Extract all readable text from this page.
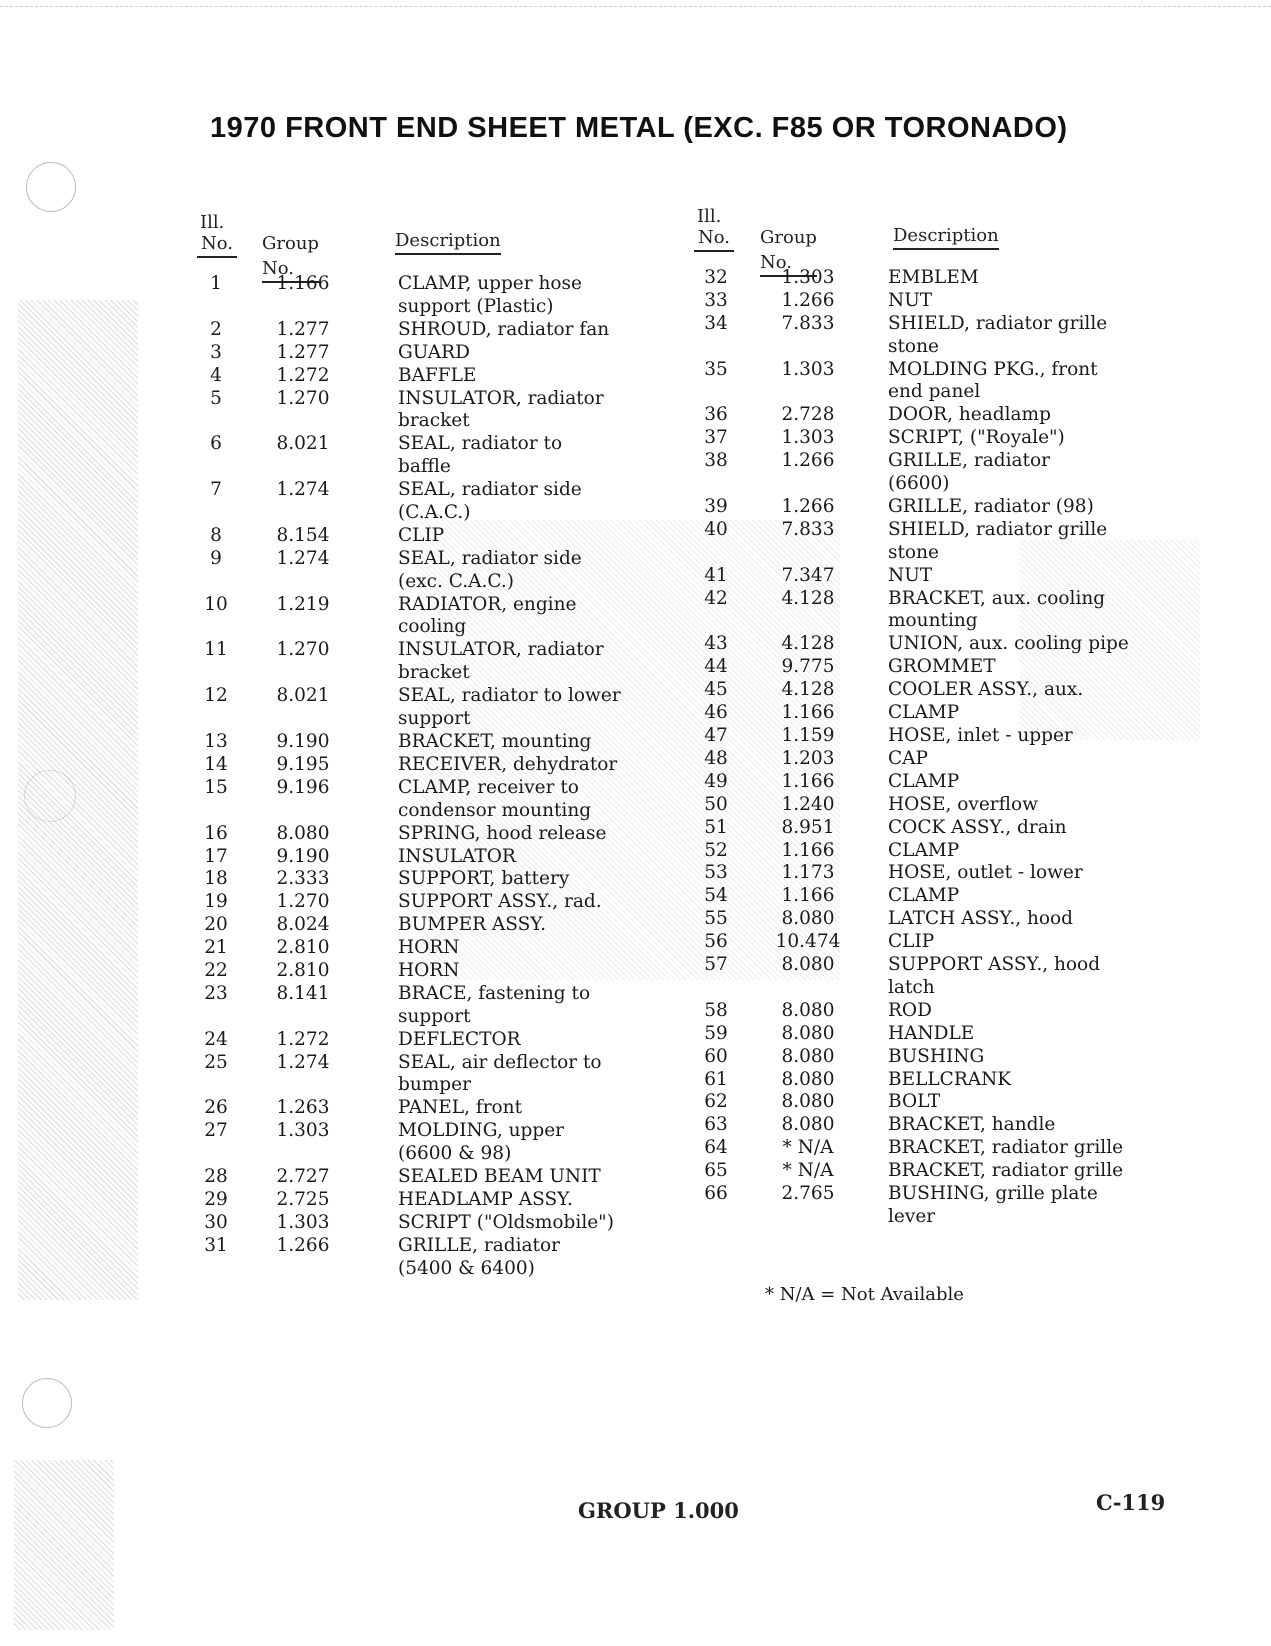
1970 FRONT END SHEET METAL (EXC. F85 OR TORONADO)
Ill.
No. Group No.
Description
1	1.166	CLAMP, upper hose
support (Plastic)
2	1.277	SHROUD, radiator fan
3	1.277	GUARD
4	1.272	BAFFLE
5	1.270	INSULATOR, radiator
bracket
6	8.021	SEAL, radiator to
baffle
7	1.274	SEAL, radiator side
(C.A.C.)
8	8.154	CLIP
9	1.274	SEAL, radiator side
(exc. C.A.C.)
10	1.219	RADIATOR, engine
cooling
11	1.270	INSULATOR, radiator
bracket
12	8.021	SEAL, radiator to lower
support
13	9.190	BRACKET, mounting
14	9.195	RECEIVER, dehydrator
15	9.196	CLAMP, receiver to
condensor mounting
16	8.080	SPRING, hood release
17	9.190	INSULATOR
18	2.333	SUPPORT, battery
19	1.270	SUPPORT ASSY., rad.
20	8.024	BUMPER ASSY.
21	2.810	HORN
22	2.810	HORN
23	8.141	BRACE, fastening to
support
24	1.272	DEFLECTOR
25	1.274	SEAL, air deflector to
bumper
26	1.263	PANEL, front
27	1.303	MOLDING, upper
(6600 & 98)
28	2.727	SEALED BEAM UNIT
29	2.725	HEADLAMP ASSY.
30	1.303	SCRIPT ("Oldsmobile")
31	1.266	GRILLE, radiator
(5400 & 6400)
Ill.
No. Group No.
Description
32	1.303	EMBLEM
33	1.266	NUT
34	7.833	SHIELD, radiator grille
stone
35	1.303	MOLDING PKG., front
end panel
36	2.728	DOOR, headlamp
37	1.303	SCRIPT, ("Royale")
38	1.266	GRILLE, radiator
(6600)
39	1.266	GRILLE, radiator (98)
40	7.833	SHIELD, radiator grille
stone
41	7.347	NUT
42	4.128	BRACKET, aux. cooling
mounting
43	4.128	UNION, aux. cooling pipe
44	9.775	GROMMET
45	4.128	COOLER ASSY., aux.
46	1.166	CLAMP
47	1.159	HOSE, inlet - upper
48	1.203	CAP
49	1.166	CLAMP
50	1.240	HOSE, overflow
51	8.951	COCK ASSY., drain
52	1.166	CLAMP
53	1.173	HOSE, outlet - lower
54	1.166	CLAMP
55	8.080	LATCH ASSY., hood
56	10.474	CLIP
57	8.080	SUPPORT ASSY., hood
latch
58	8.080	ROD
59	8.080	HANDLE
60	8.080	BUSHING
61	8.080	BELLCRANK
62	8.080	BOLT
63	8.080	BRACKET, handle
64	* N/A	BRACKET, radiator grille
65	* N/A	BRACKET, radiator grille
66	2.765	BUSHING, grille plate
lever
* N/A = Not Available
GROUP 1.000	C-119
